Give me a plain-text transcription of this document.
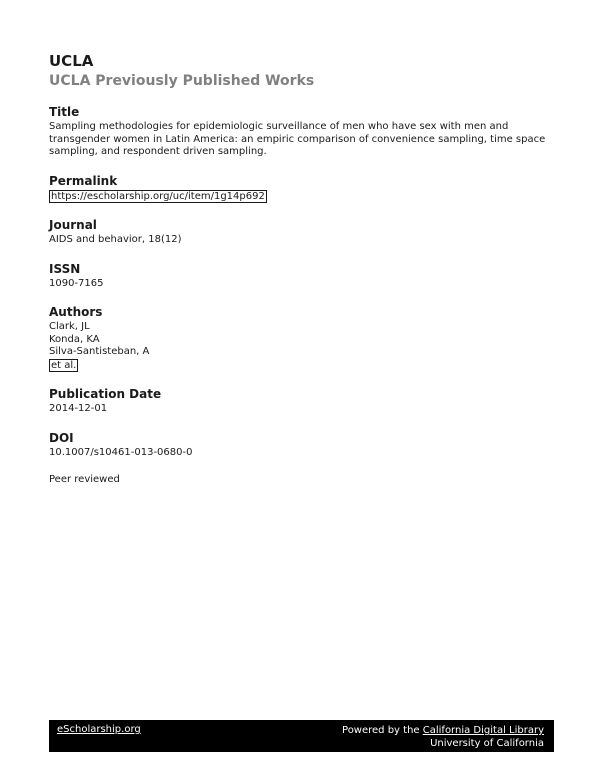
UCLA
UCLA Previously Published Works
Title

Sampling methodologies for epidemiologic surveillance of men who have sex with men and transgender women in Latin America: an empiric comparison of convenience sampling, time space sampling, and respondent driven sampling.

Permalink

https://escholarship.org/uc/item/1g14p692

Journal

AIDS and behavior, 18(12)

ISSN

1090-7165

Authors
Clark, JL
Konda, KA
Silva-Santisteban, A
et al.
Publication Date

2014-12-01

DOI

10.1007/s10461-013-0680-0

Peer reviewed

eScholarship.org	Powered by the California Digital Library
University of California
